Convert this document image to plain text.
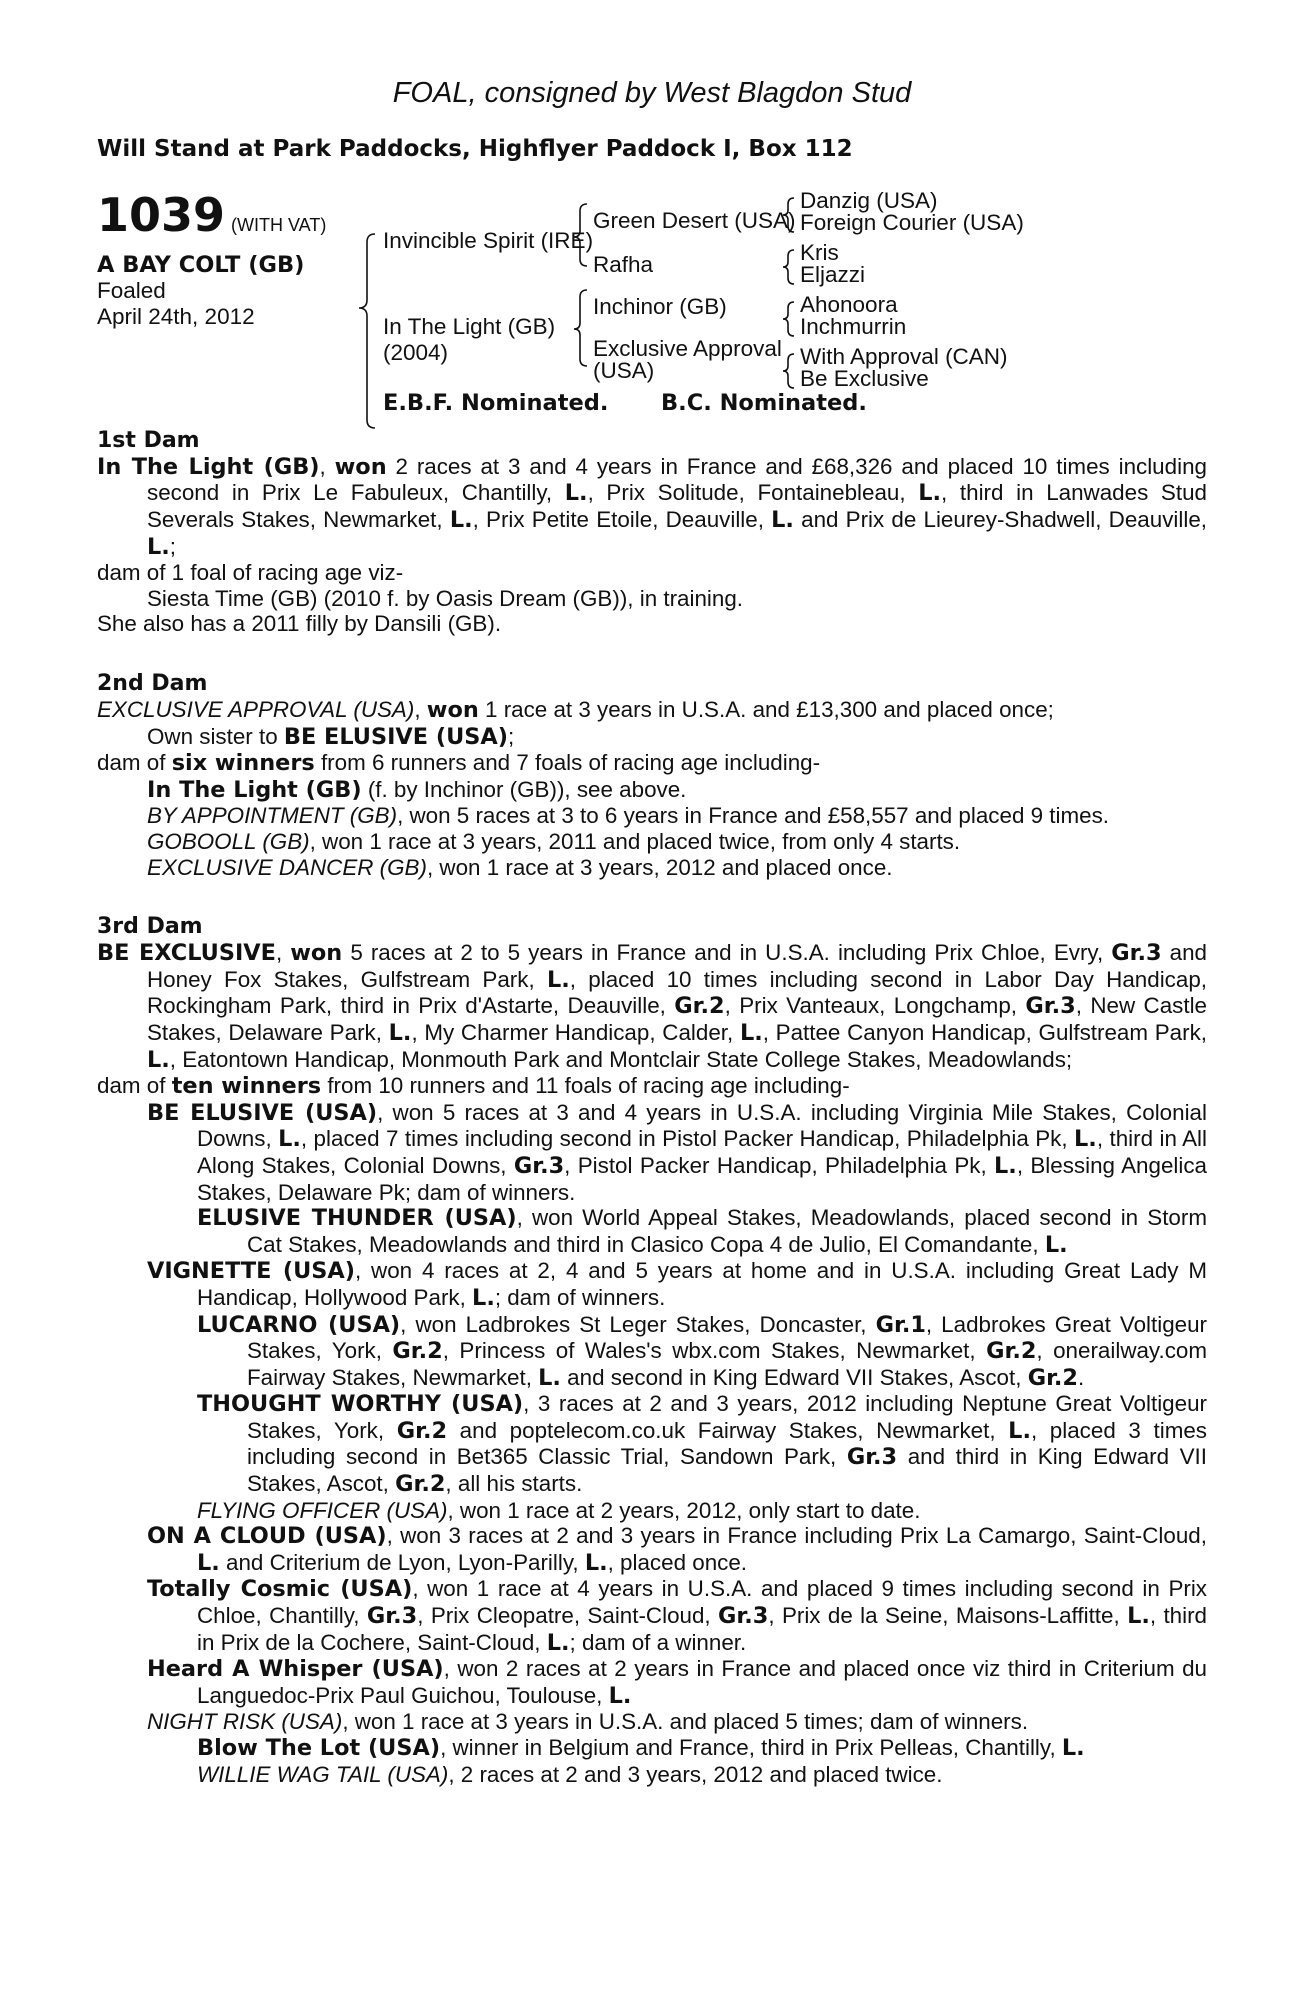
FOAL, consigned by West Blagdon Stud

Will Stand at Park Paddocks, Highflyer Paddock I, Box 112

1039 (WITH VAT)
A BAY COLT (GB)
Foaled
April 24th, 2012
Invincible Spirit (IRE)
In The Light (GB)
(2004)
Green Desert (USA)
Rafha
Inchinor (GB)
Exclusive Approval
(USA)
Danzig (USA)
Foreign Courier (USA)
Kris
Eljazzi
Ahonoora
Inchmurrin
With Approval (CAN)
Be Exclusive
E.B.F. Nominated. B.C. Nominated.
1st Dam

In The Light (GB), won 2 races at 3 and 4 years in France and £68,326 and placed 10 times including second in Prix Le Fabuleux, Chantilly, L., Prix Solitude, Fontainebleau, L., third in Lanwades Stud Severals Stakes, Newmarket, L., Prix Petite Etoile, Deauville, L. and Prix de Lieurey-Shadwell, Deauville, L.;

dam of 1 foal of racing age viz-

Siesta Time (GB) (2010 f. by Oasis Dream (GB)), in training.

She also has a 2011 filly by Dansili (GB).

2nd Dam

EXCLUSIVE APPROVAL (USA), won 1 race at 3 years in U.S.A. and £13,300 and placed once;

Own sister to BE ELUSIVE (USA);

dam of six winners from 6 runners and 7 foals of racing age including-

In The Light (GB) (f. by Inchinor (GB)), see above.

BY APPOINTMENT (GB), won 5 races at 3 to 6 years in France and £58,557 and placed 9 times.

GOBOOLL (GB), won 1 race at 3 years, 2011 and placed twice, from only 4 starts.

EXCLUSIVE DANCER (GB), won 1 race at 3 years, 2012 and placed once.

3rd Dam

BE EXCLUSIVE, won 5 races at 2 to 5 years in France and in U.S.A. including Prix Chloe, Evry, Gr.3 and Honey Fox Stakes, Gulfstream Park, L., placed 10 times including second in Labor Day Handicap, Rockingham Park, third in Prix d'Astarte, Deauville, Gr.2, Prix Vanteaux, Longchamp, Gr.3, New Castle Stakes, Delaware Park, L., My Charmer Handicap, Calder, L., Pattee Canyon Handicap, Gulfstream Park, L., Eatontown Handicap, Monmouth Park and Montclair State College Stakes, Meadowlands;

dam of ten winners from 10 runners and 11 foals of racing age including-

BE ELUSIVE (USA), won 5 races at 3 and 4 years in U.S.A. including Virginia Mile Stakes, Colonial Downs, L., placed 7 times including second in Pistol Packer Handicap, Philadelphia Pk, L., third in All Along Stakes, Colonial Downs, Gr.3, Pistol Packer Handicap, Philadelphia Pk, L., Blessing Angelica Stakes, Delaware Pk; dam of winners.

ELUSIVE THUNDER (USA), won World Appeal Stakes, Meadowlands, placed second in Storm Cat Stakes, Meadowlands and third in Clasico Copa 4 de Julio, El Comandante, L.

VIGNETTE (USA), won 4 races at 2, 4 and 5 years at home and in U.S.A. including Great Lady M Handicap, Hollywood Park, L.; dam of winners.

LUCARNO (USA), won Ladbrokes St Leger Stakes, Doncaster, Gr.1, Ladbrokes Great Voltigeur Stakes, York, Gr.2, Princess of Wales's wbx.com Stakes, Newmarket, Gr.2, onerailway.com Fairway Stakes, Newmarket, L. and second in King Edward VII Stakes, Ascot, Gr.2.

THOUGHT WORTHY (USA), 3 races at 2 and 3 years, 2012 including Neptune Great Voltigeur Stakes, York, Gr.2 and poptelecom.co.uk Fairway Stakes, Newmarket, L., placed 3 times including second in Bet365 Classic Trial, Sandown Park, Gr.3 and third in King Edward VII Stakes, Ascot, Gr.2, all his starts.

FLYING OFFICER (USA), won 1 race at 2 years, 2012, only start to date.

ON A CLOUD (USA), won 3 races at 2 and 3 years in France including Prix La Camargo, Saint-Cloud, L. and Criterium de Lyon, Lyon-Parilly, L., placed once.

Totally Cosmic (USA), won 1 race at 4 years in U.S.A. and placed 9 times including second in Prix Chloe, Chantilly, Gr.3, Prix Cleopatre, Saint-Cloud, Gr.3, Prix de la Seine, Maisons-Laffitte, L., third in Prix de la Cochere, Saint-Cloud, L.; dam of a winner.

Heard A Whisper (USA), won 2 races at 2 years in France and placed once viz third in Criterium du Languedoc-Prix Paul Guichou, Toulouse, L.

NIGHT RISK (USA), won 1 race at 3 years in U.S.A. and placed 5 times; dam of winners.

Blow The Lot (USA), winner in Belgium and France, third in Prix Pelleas, Chantilly, L.

WILLIE WAG TAIL (USA), 2 races at 2 and 3 years, 2012 and placed twice.
